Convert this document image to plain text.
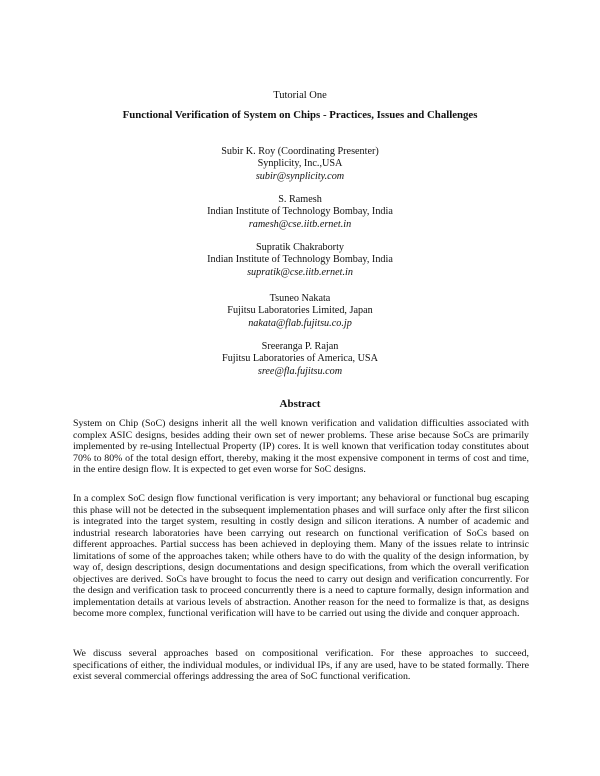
Tutorial One
Functional Verification of System on Chips - Practices, Issues and Challenges
Subir K. Roy (Coordinating Presenter)
Synplicity, Inc.,USA
subir@synplicity.com
S. Ramesh
Indian Institute of Technology Bombay, India
ramesh@cse.iitb.ernet.in
Supratik Chakraborty
Indian Institute of Technology Bombay, India
supratik@cse.iitb.ernet.in
Tsuneo Nakata
Fujitsu Laboratories Limited, Japan
nakata@flab.fujitsu.co.jp
Sreeranga P. Rajan
Fujitsu Laboratories of America, USA
sree@fla.fujitsu.com
Abstract

System on Chip (SoC) designs inherit all the well known verification and validation difficulties associated with complex ASIC designs, besides adding their own set of newer problems. These arise because SoCs are primarily implemented by re-using Intellectual Property (IP) cores. It is well known that verification today constitutes about 70% to 80% of the total design effort, thereby, making it the most expensive component in terms of cost and time, in the entire design flow. It is expected to get even worse for SoC designs.

In a complex SoC design flow functional verification is very important; any behavioral or functional bug escaping this phase will not be detected in the subsequent implementation phases and will surface only after the first silicon is integrated into the target system, resulting in costly design and silicon iterations. A number of academic and industrial research laboratories have been carrying out research on functional verification of SoCs based on different approaches. Partial success has been achieved in deploying them. Many of the issues relate to intrinsic limitations of some of the approaches taken; while others have to do with the quality of the design information, by way of, design descriptions, design documentations and design specifications, from which the overall verification objectives are derived. SoCs have brought to focus the need to carry out design and verification concurrently. For the design and verification task to proceed concurrently there is a need to capture formally, design information and implementation details at various levels of abstraction. Another reason for the need to formalize is that, as designs become more complex, functional verification will have to be carried out using the divide and conquer approach.

We discuss several approaches based on compositional verification. For these approaches to succeed, specifications of either, the individual modules, or individual IPs, if any are used, have to be stated formally. There exist several commercial offerings addressing the area of SoC functional verification.
